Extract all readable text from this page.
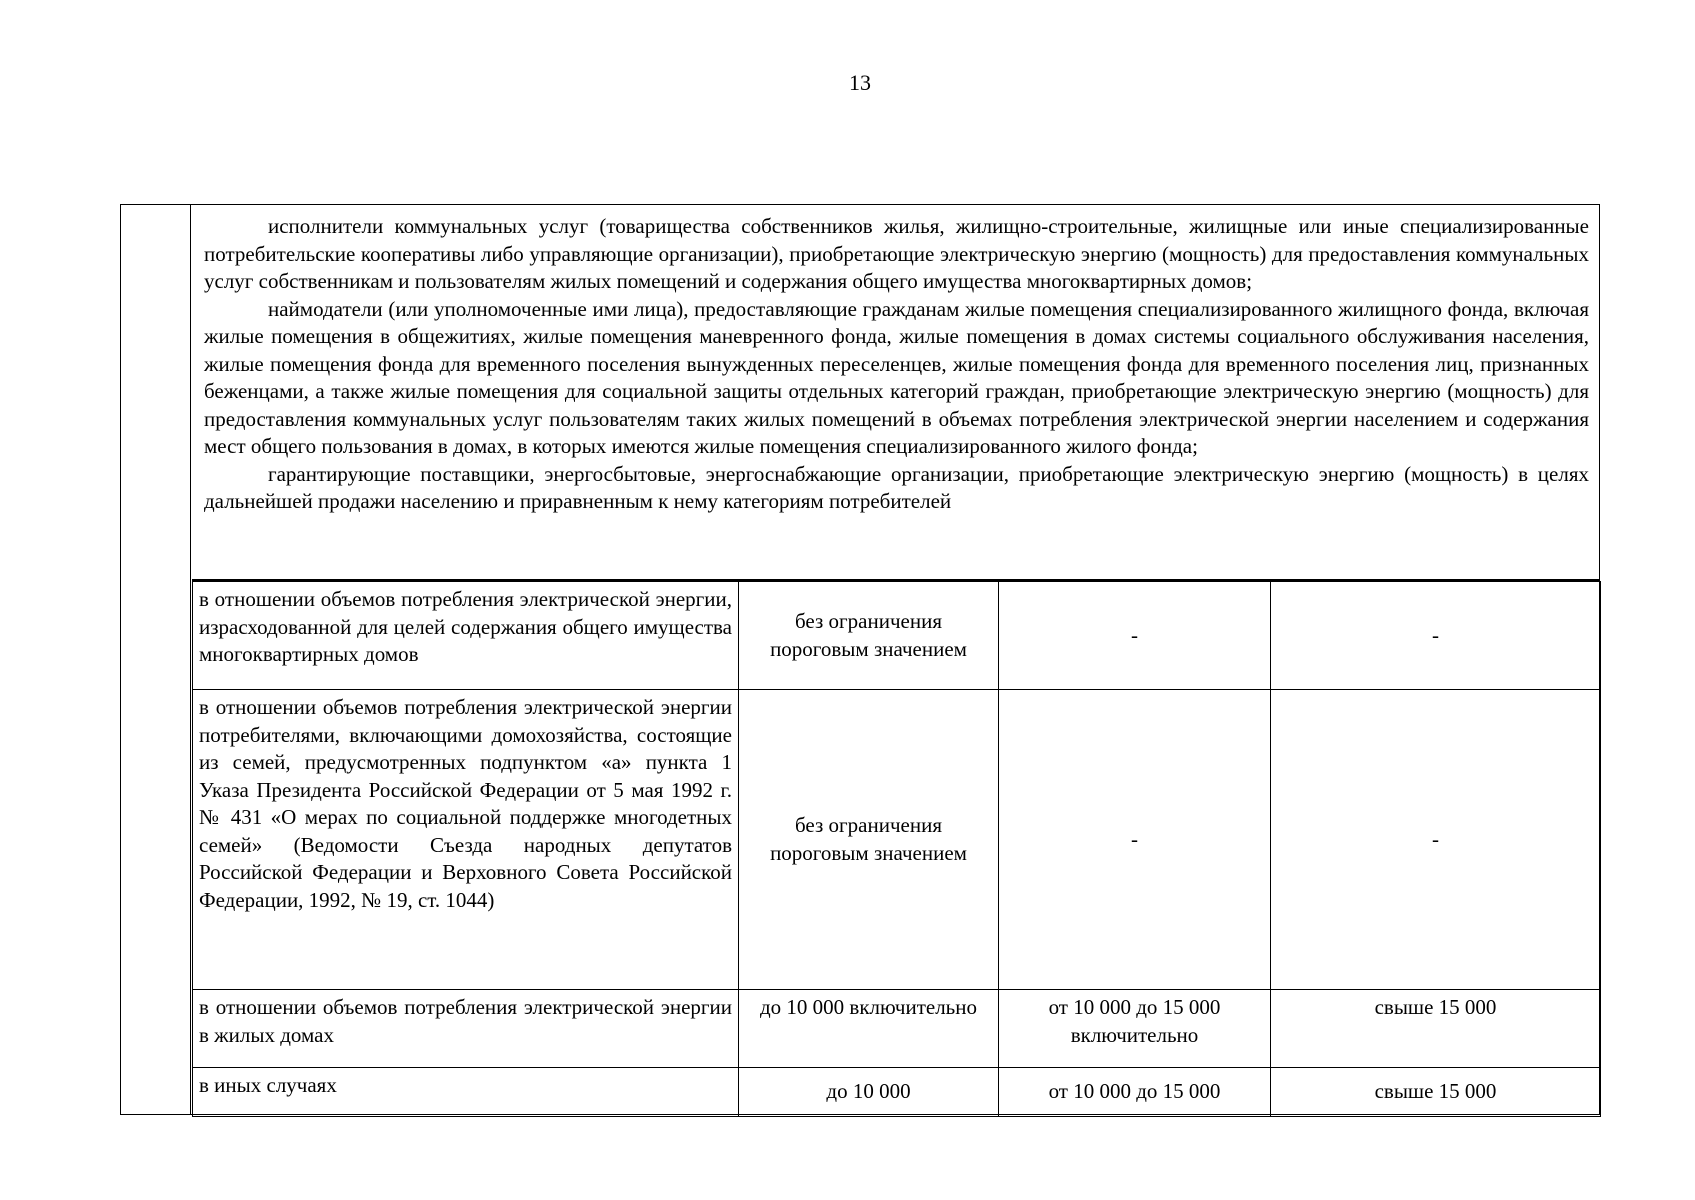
13

исполнители коммунальных услуг (товарищества собственников жилья, жилищно-строительные, жилищные или иные специализированные потребительские кооперативы либо управляющие организации), приобретающие электрическую энергию (мощность) для предоставления коммунальных услуг собственникам и пользователям жилых помещений и содержания общего имущества многоквартирных домов;

наймодатели (или уполномоченные ими лица), предоставляющие гражданам жилые помещения специализированного жилищного фонда, включая жилые помещения в общежитиях, жилые помещения маневренного фонда, жилые помещения в домах системы социального обслуживания населения, жилые помещения фонда для временного поселения вынужденных переселенцев, жилые помещения фонда для временного поселения лиц, признанных беженцами, а также жилые помещения для социальной защиты отдельных категорий граждан, приобретающие электрическую энергию (мощность) для предоставления коммунальных услуг пользователям таких жилых помещений в объемах потребления электрической энергии населением и содержания мест общего пользования в домах, в которых имеются жилые помещения специализированного жилого фонда;

гарантирующие поставщики, энергосбытовые, энергоснабжающие организации, приобретающие электрическую энергию (мощность) в целях дальнейшей продажи населению и приравненным к нему категориям потребителей

в отношении объемов потребления электрической энергии, израсходованной для целей содержания общего имущества многоквартирных домов	без ограничения пороговым значением	-	-
в отношении объемов потребления электрической энергии потребителями, включающими домохозяйства, состоящие из семей, предусмотренных подпунктом «а» пункта 1 Указа Президента Российской Федерации от 5 мая 1992 г. № 431 «О мерах по социальной поддержке многодетных семей» (Ведомости Съезда народных депутатов Российской Федерации и Верховного Совета Российской Федерации, 1992, № 19, ст. 1044)	без ограничения пороговым значением	-	-
в отношении объемов потребления электрической энергии в жилых домах	до 10 000 включительно	от 10 000 до 15 000 включительно	свыше 15 000
в иных случаях	до 10 000	от 10 000 до 15 000	свыше 15 000
